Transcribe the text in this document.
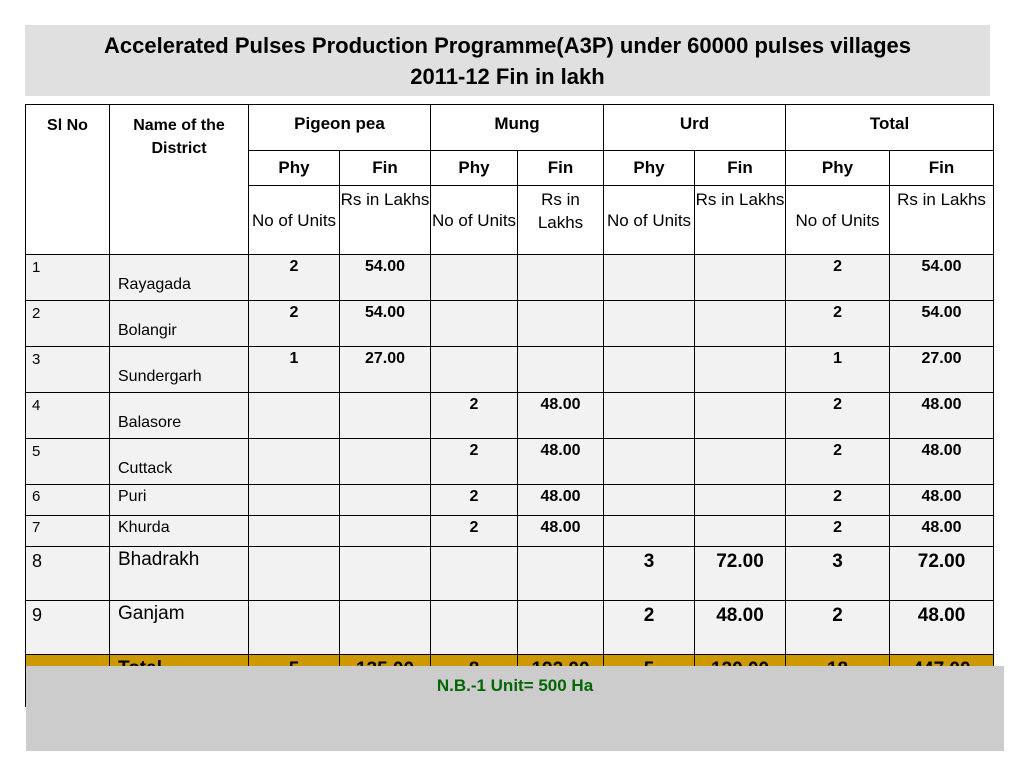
Accelerated Pulses Production Programme(A3P) under 60000 pulses villages
2011-12 Fin in lakh
Sl No	Name of the District	Pigeon pea		Mung		Urd		Total	
		Phy	Fin	Phy	Fin	Phy	Fin	Phy	Fin
		No of Units	Rs in Lakhs	No of Units	Rs in Lakhs	No of Units	Rs in Lakhs	No of Units	Rs in Lakhs
1	Rayagada	2	54.00					2	54.00
2	Bolangir	2	54.00					2	54.00
3	Sundergarh	1	27.00					1	27.00
4	Balasore			2	48.00			2	48.00
5	Cuttack			2	48.00			2	48.00
6	Puri			2	48.00			2	48.00
7	Khurda			2	48.00			2	48.00
8	Bhadrakh					3	72.00	3	72.00
9	Ganjam					2	48.00	2	48.00

N.B.-1 Unit= 500 Ha
